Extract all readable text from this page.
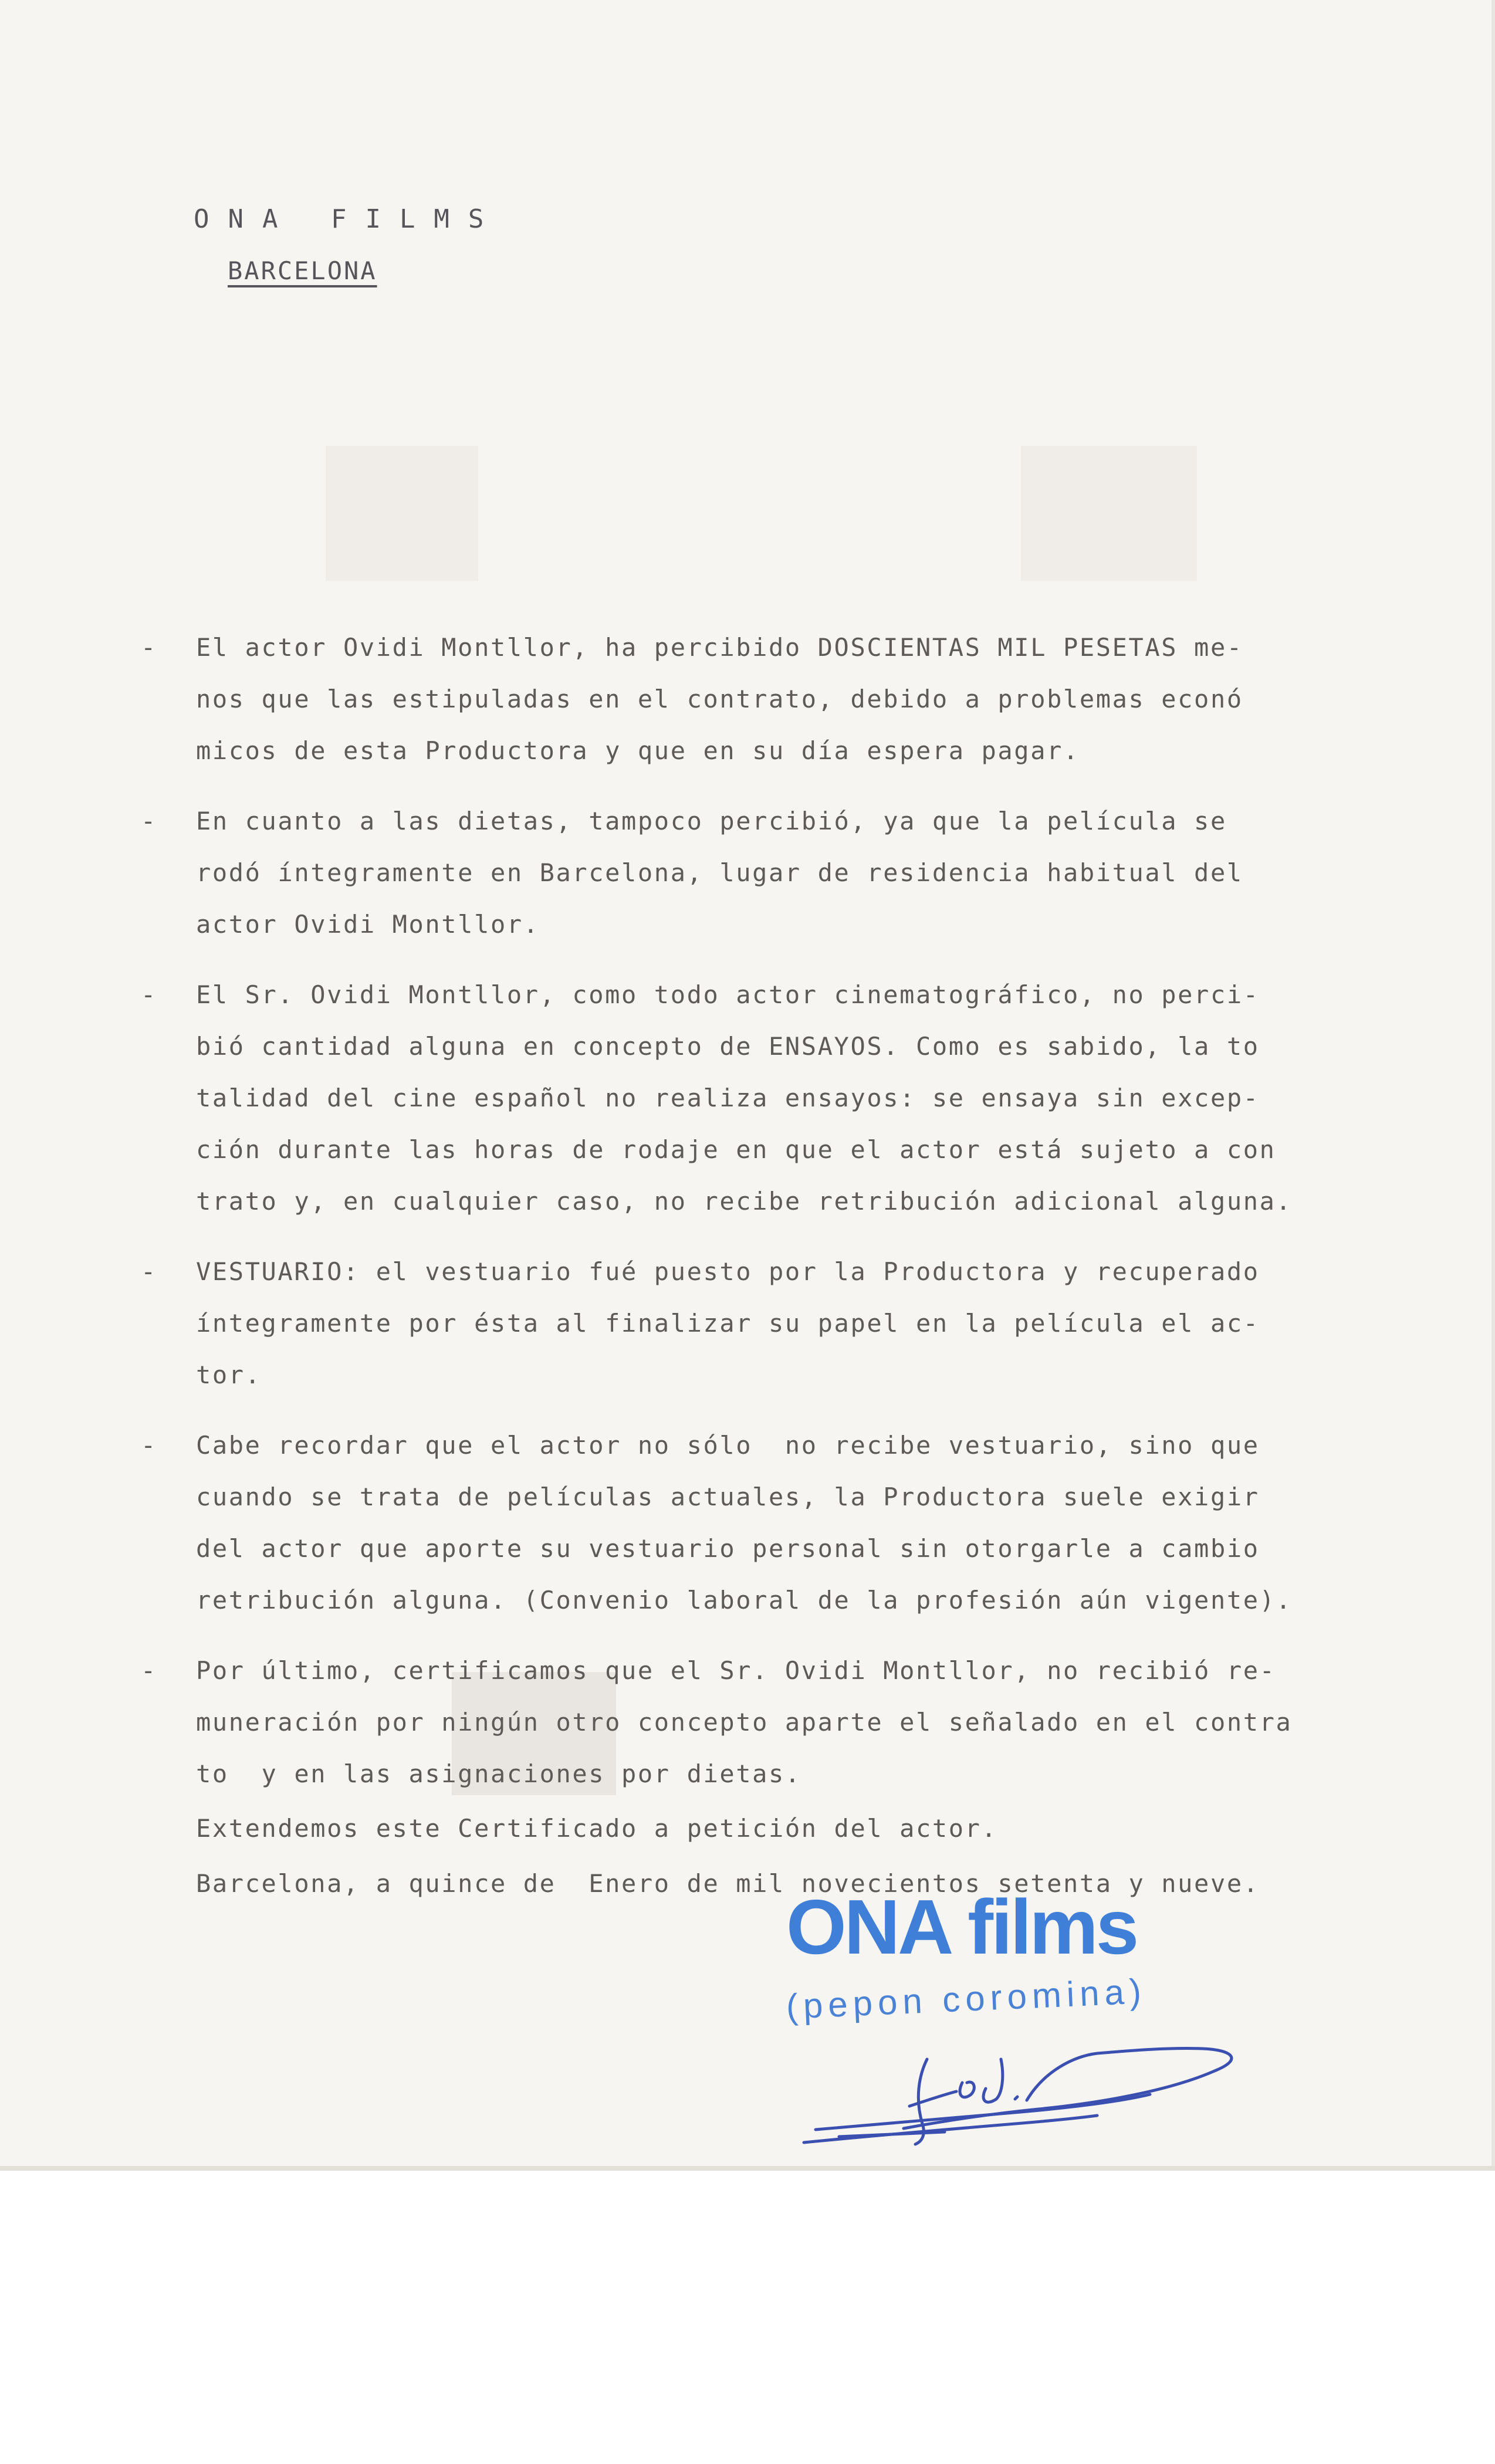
ONA FILMS
BARCELONA
- El actor Ovidi Montllor, ha percibido DOSCIENTAS MIL PESETAS me-
nos que las estipuladas en el contrato, debido a problemas econó
micos de esta Productora y que en su día espera pagar.
- En cuanto a las dietas, tampoco percibió, ya que la película se
rodó íntegramente en Barcelona, lugar de residencia habitual del
actor Ovidi Montllor.
- El Sr. Ovidi Montllor, como todo actor cinematográfico, no perci-
bió cantidad alguna en concepto de ENSAYOS. Como es sabido, la to
talidad del cine español no realiza ensayos: se ensaya sin excep-
ción durante las horas de rodaje en que el actor está sujeto a con
trato y, en cualquier caso, no recibe retribución adicional alguna.
- VESTUARIO: el vestuario fué puesto por la Productora y recuperado
íntegramente por ésta al finalizar su papel en la película el ac-
tor.
- Cabe recordar que el actor no sólo  no recibe vestuario, sino que
cuando se trata de películas actuales, la Productora suele exigir
del actor que aporte su vestuario personal sin otorgarle a cambio
retribución alguna. (Convenio laboral de la profesión aún vigente).
- Por último, certificamos que el Sr. Ovidi Montllor, no recibió re-
muneración por ningún otro concepto aparte el señalado en el contra
to  y en las asignaciones por dietas.
Extendemos este Certificado a petición del actor.
Barcelona, a quince de  Enero de mil novecientos setenta y nueve.
ONA films
(pepon coromina)
